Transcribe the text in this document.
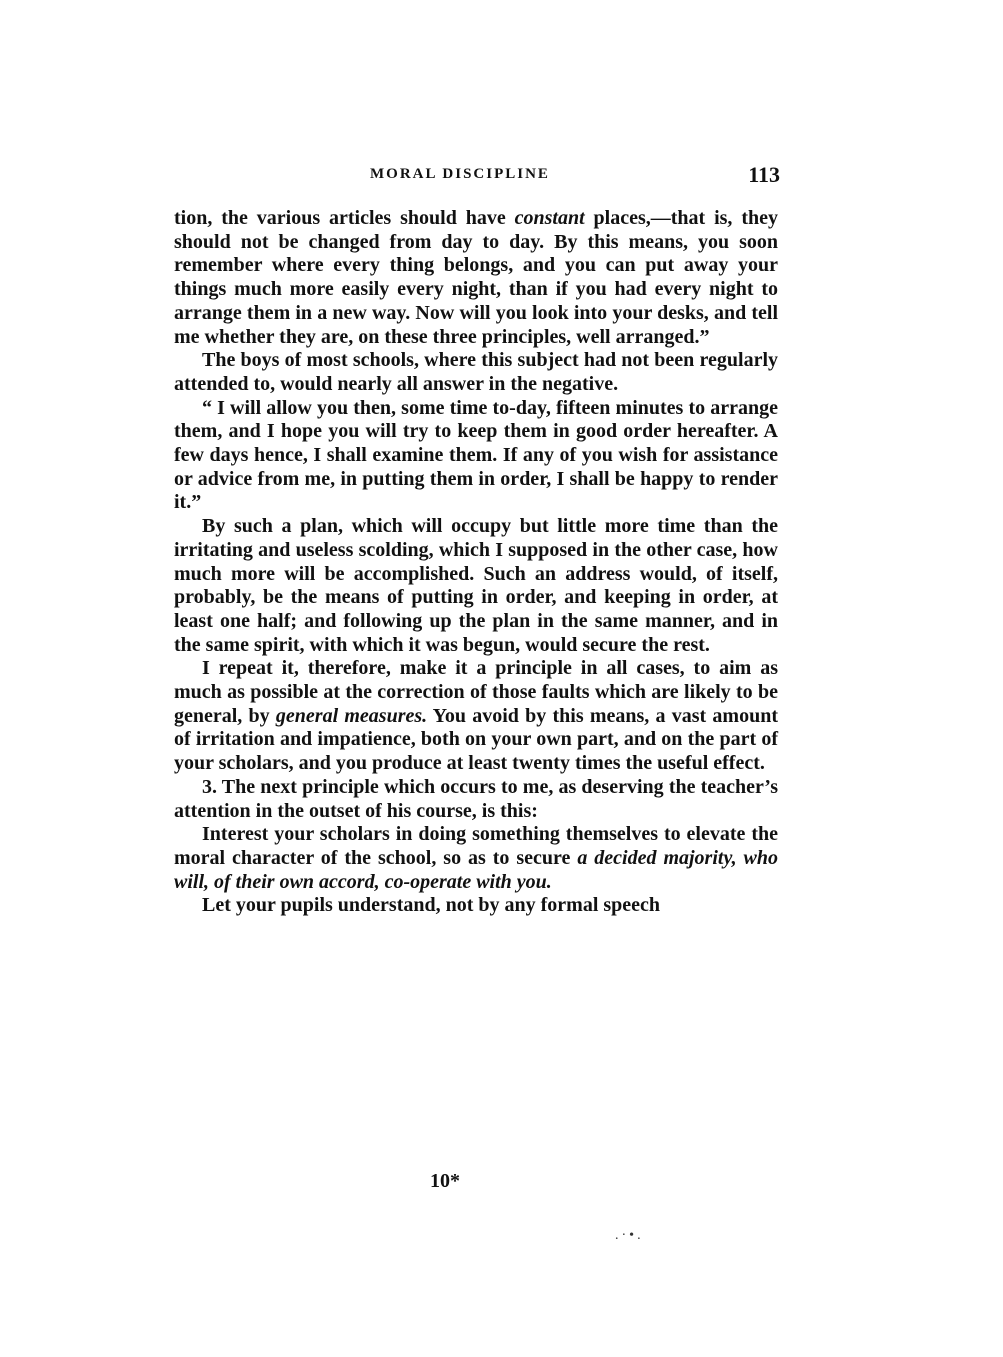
MORAL DISCIPLINE	113

tion, the various articles should have constant places,—that is, they should not be changed from day to day. By this means, you soon remember where every thing belongs, and you can put away your things much more easily every night, than if you had every night to arrange them in a new way. Now will you look into your desks, and tell me whether they are, on these three principles, well arranged.”

The boys of most schools, where this subject had not been regularly attended to, would nearly all answer in the negative.

“ I will allow you then, some time to-day, fifteen minutes to arrange them, and I hope you will try to keep them in good order hereafter. A few days hence, I shall examine them. If any of you wish for assistance or advice from me, in putting them in order, I shall be happy to render it.”

By such a plan, which will occupy but little more time than the irritating and useless scolding, which I supposed in the other case, how much more will be accomplished. Such an address would, of itself, probably, be the means of putting in order, and keeping in order, at least one half; and following up the plan in the same manner, and in the same spirit, with which it was begun, would secure the rest.

I repeat it, therefore, make it a principle in all cases, to aim as much as possible at the correction of those faults which are likely to be general, by general measures. You avoid by this means, a vast amount of irritation and impatience, both on your own part, and on the part of your scholars, and you produce at least twenty times the useful effect.

3. The next principle which occurs to me, as deserving the teacher’s attention in the outset of his course, is this:

Interest your scholars in doing something themselves to elevate the moral character of the school, so as to secure a decided majority, who will, of their own accord, co-operate with you.

Let your pupils understand, not by any formal speech

10*
.·•.
